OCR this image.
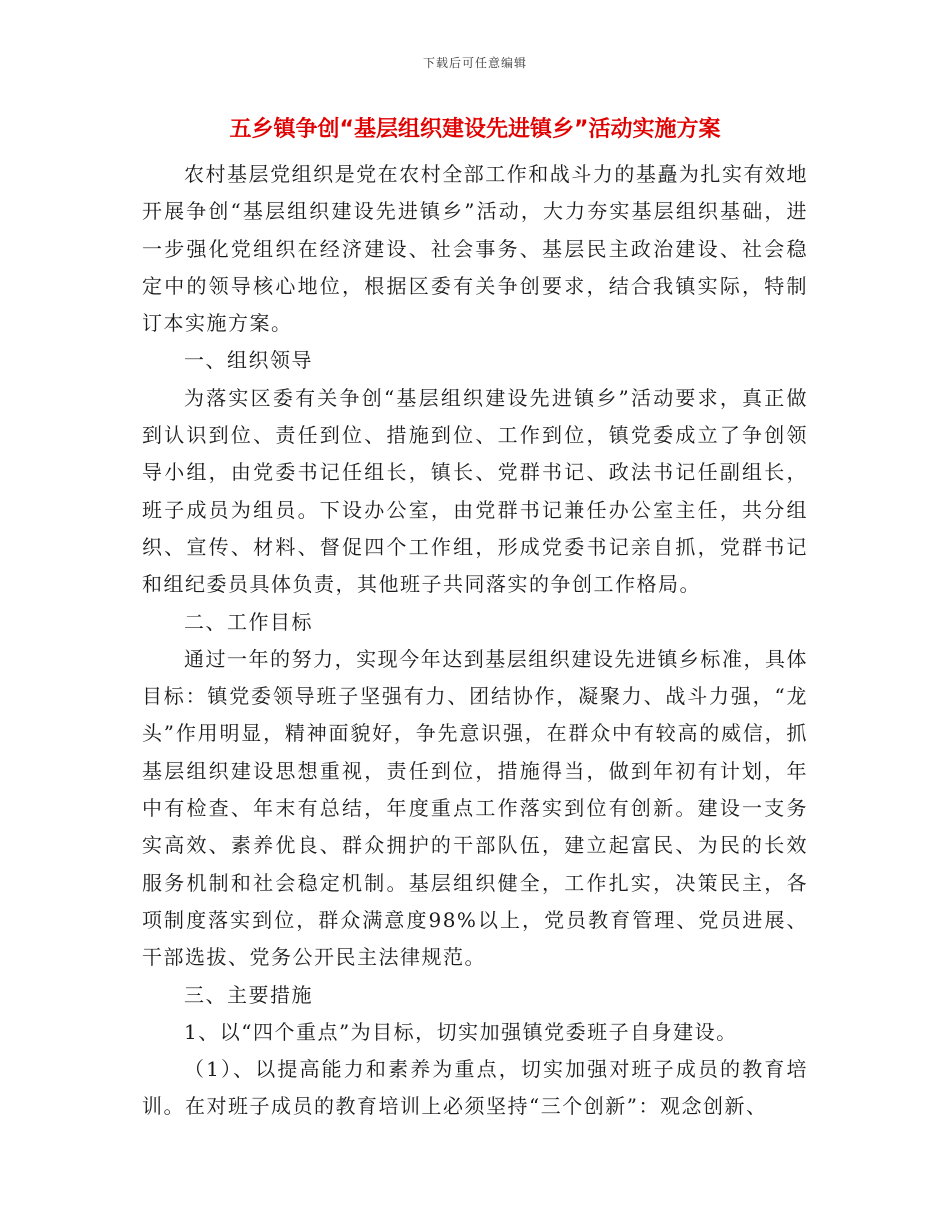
下载后可任意编辑
五乡镇争创“基层组织建设先进镇乡”活动实施方案

农村基层党组织是党在农村全部工作和战斗力的基矗为扎实有效地开展争创“基层组织建设先进镇乡”活动，大力夯实基层组织基础，进一步强化党组织在经济建设、社会事务、基层民主政治建设、社会稳定中的领导核心地位，根据区委有关争创要求，结合我镇实际，特制订本实施方案。

一、组织领导

为落实区委有关争创“基层组织建设先进镇乡”活动要求，真正做到认识到位、责任到位、措施到位、工作到位，镇党委成立了争创领导小组，由党委书记任组长，镇长、党群书记、政法书记任副组长，班子成员为组员。下设办公室，由党群书记兼任办公室主任，共分组织、宣传、材料、督促四个工作组，形成党委书记亲自抓，党群书记和组纪委员具体负责，其他班子共同落实的争创工作格局。

二、工作目标

通过一年的努力，实现今年达到基层组织建设先进镇乡标准，具体目标：镇党委领导班子坚强有力、团结协作，凝聚力、战斗力强，“龙头”作用明显，精神面貌好，争先意识强，在群众中有较高的威信，抓基层组织建设思想重视，责任到位，措施得当，做到年初有计划，年中有检查、年末有总结，年度重点工作落实到位有创新。建设一支务实高效、素养优良、群众拥护的干部队伍，建立起富民、为民的长效服务机制和社会稳定机制。基层组织健全，工作扎实，决策民主，各项制度落实到位，群众满意度98%以上，党员教育管理、党员进展、干部选拔、党务公开民主法律规范。

三、主要措施

1、以“四个重点”为目标，切实加强镇党委班子自身建设。

（1）、以提高能力和素养为重点，切实加强对班子成员的教育培训。在对班子成员的教育培训上必须坚持“三个创新”：观念创新、
